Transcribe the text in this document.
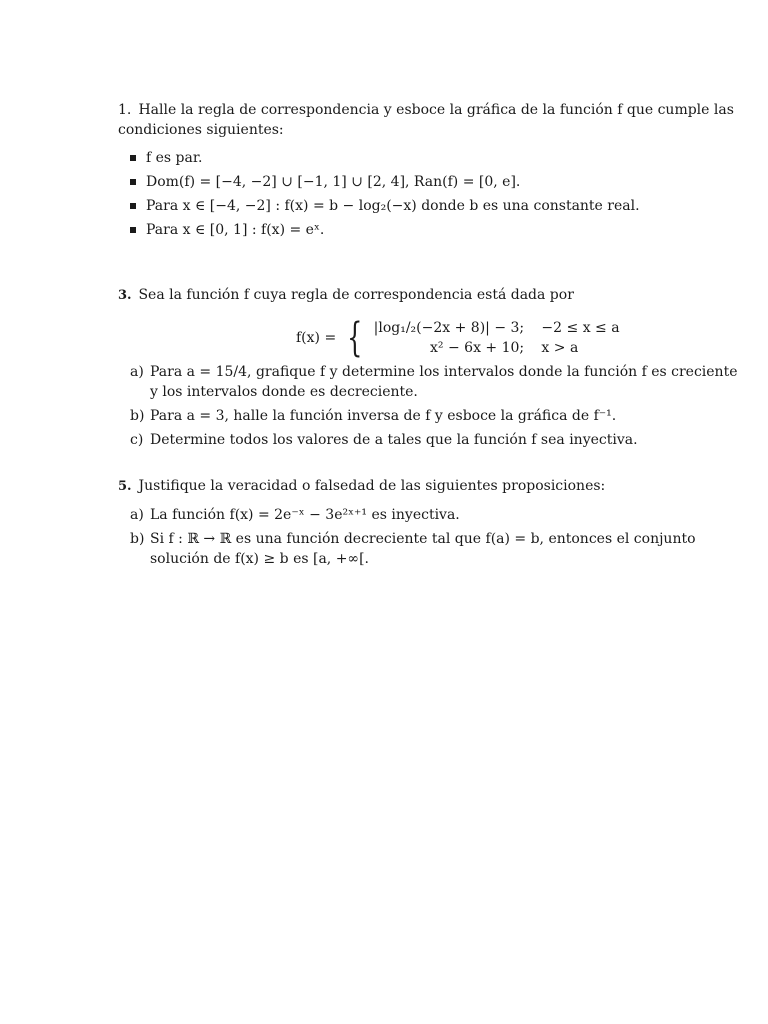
1. Halle la regla de correspondencia y esboce la gráfica de la función f que cumple las condiciones siguientes:
f es par.
Dom(f) = [−4, −2] ∪ [−1, 1] ∪ [2, 4], Ran(f) = [0, e].
Para x ∈ [−4, −2] : f(x) = b − log₂(−x) donde b es una constante real.
Para x ∈ [0, 1] : f(x) = eˣ.
3. Sea la función f cuya regla de correspondencia está dada por
f(x) = { |log₁/₂(−2x + 8)| − 3 ;	−2 ≤ x ≤ a
x² − 6x + 10 ;	x > a
a) Para a = 15/4, grafique f y determine los intervalos donde la función f es creciente y los intervalos donde es decreciente.
b) Para a = 3, halle la función inversa de f y esboce la gráfica de f⁻¹.
c) Determine todos los valores de a tales que la función f sea inyectiva.
5. Justifique la veracidad o falsedad de las siguientes proposiciones:
a) La función f(x) = 2e⁻ˣ − 3e²ˣ⁺¹ es inyectiva.
b) Si f : ℝ → ℝ es una función decreciente tal que f(a) = b, entonces el conjunto solución de f(x) ≥ b es [a, +∞[.
